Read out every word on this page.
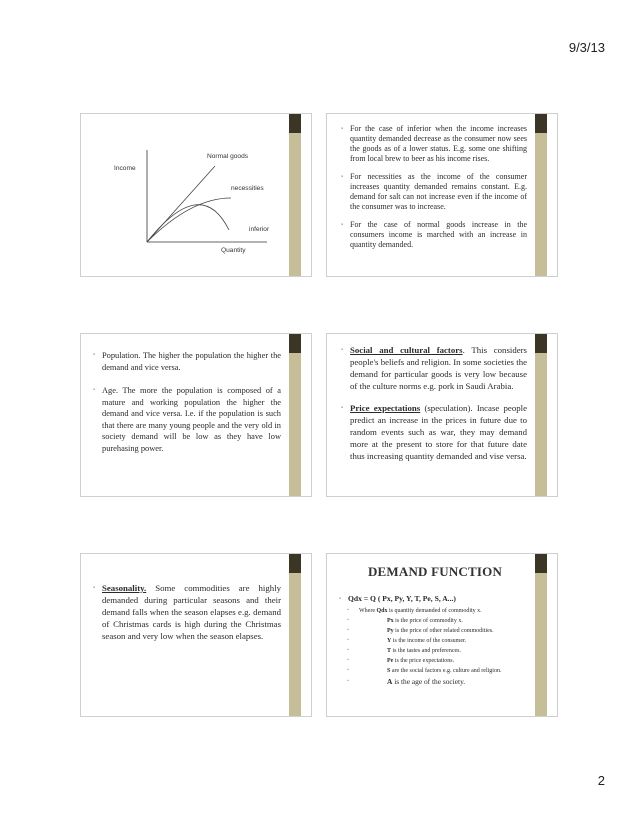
9/3/13
Income
Quantity
Normal goods
necessities
inferior
▪ For the case of inferior when the income increases quantity demanded decrease as the consumer now sees the goods as of a lower status. E.g. some one shifting from local brew to beer as his income rises.
▪ For necessities as the income of the consumer increases quantity demanded remains constant. E.g. demand for salt can not increase even if the income of the consumer was to increase.
▪ For the case of normal goods increase in the consumers income is marched with an increase in quantity demanded.
▪ Population. The higher the population the higher the demand and vice versa.
▪ Age. The more the population is composed of a mature and working population the higher the demand and vice versa. I.e. if the population is such that there are many young people and the very old in society demand will be low as they have low purehasing power.
▪ Social and cultural factors. This considers people's beliefs and religion. In some societies the demand for particular goods is very low because of the culture norms e.g. pork in Saudi Arabia.
▪ Price expectations (speculation). Incase people predict an increase in the prices in future due to random events such as war, they may demand more at the present to store for that future date thus increasing quantity demanded and vise versa.
▪ Seasonality. Some commodities are highly demanded during particular seasons and their demand falls when the season elapses e.g. demand of Christmas cards is high during the Christmas season and very low when the season elapses.
DEMAND FUNCTION
▪ Qdx = Q ( Px, Py, Y, T, Pe, S, A...)
▪ Where Qdx is quantity demanded of commodity x.
▪ Px is the price of commodity x.
▪ Py is the price of other related commodities.
▪ Y is the income of the consumer.
▪ T is the tastes and preferences.
▪ Pe is the price expectations.
▪ S are the social factors e.g. culture and religion.
▪ A is the age of the society.
2
